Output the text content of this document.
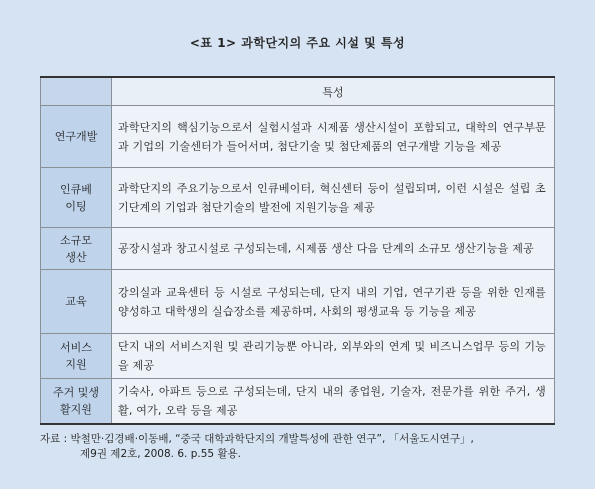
<표 1> 과학단지의 주요 시설 및 특성
	특성
연구개발	과학단지의 핵심기능으로서 실험시설과 시제품 생산시설이 포함되고, 대학의 연구부문과 기업의 기술센터가 들어서며, 첨단기술 및 첨단제품의 연구개발 기능을 제공
인큐베이팅	과학단지의 주요기능으로서 인큐베이터, 혁신센터 등이 설립되며, 이런 시설은 설립 초기단계의 기업과 첨단기술의 발전에 지원기능을 제공
소규모생산	공장시설과 창고시설로 구성되는데, 시제품 생산 다음 단계의 소규모 생산기능을 제공
교육	강의실과 교육센터 등 시설로 구성되는데, 단지 내의 기업, 연구기관 등을 위한 인재를 양성하고 대학생의 실습장소를 제공하며, 사회의 평생교육 등 기능을 제공
서비스지원	단지 내의 서비스지원 및 관리기능뿐 아니라, 외부와의 연계 및 비즈니스업무 등의 기능을 제공
주거 및생활지원	기숙사, 아파트 등으로 구성되는데, 단지 내의 종업원, 기술자, 전문가를 위한 주거, 생활, 여가, 오락 등을 제공
자료 : 박철만·김경배·이동배, “중국 대학과학단지의 개발특성에 관한 연구”, 「서울도시연구」,
제9권 제2호, 2008. 6. p.55 활용.
